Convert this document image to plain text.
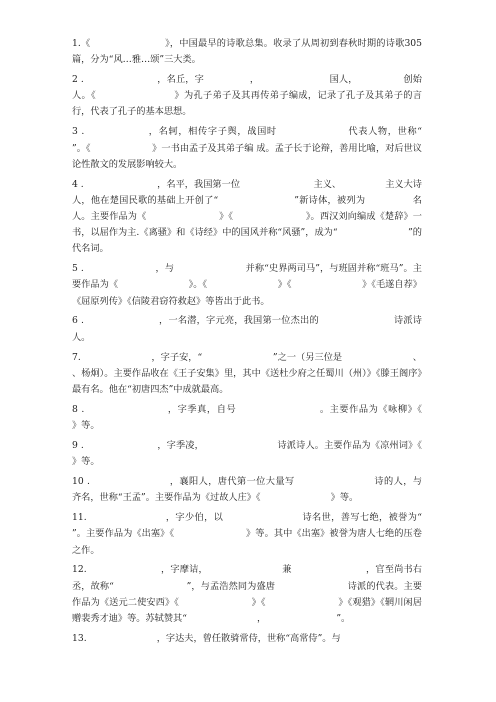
1.《                        》，中国最早的诗歌总集。收录了从周初到春秋时期的诗歌305篇，分为“风…雅…颂”三大类。

2 .                        ，名丘，字               ，                       国人，               创始人。《                        》为孔子弟子及其再传弟子编成，记录了孔子及其弟子的言行，代表了孔子的基本思想。

3 .                  ，名轲，相传字子舆，战国时                    代表人物，世称“                  ”。《                     》一书由孟子及其弟子编 成。孟子长于论辩，善用比喻，对后世议论性散文的发展影响较大。

4 .                         ，名平，我国第一位                         主义、               主义大诗人，他在楚国民歌的基础上开创了“                        ”新诗体，被列为               名人。主要作品为《                        》《                        》。西汉刘向编成《楚辞》一书，以屈作为主.《离骚》和《诗经》中的国风并称“风骚”，成为“                        ”的代名词。

5 .                        ，与                        并称“史界两司马”，与班固并称“班马”。主要作品为《                        》。《                        》《                        》《毛遂自荐》《屈原列传》《信陵君窃符救赵》等皆出于此书。

6 .                        ，一名潜，字元亮，我国第一位杰出的                        诗派诗人。

7.                        ，字子安，“                        ”之一（另三位是                        、               、杨炯）。主要作品收在《王子安集》里，其中《送杜少府之任蜀川（州）》《滕王阁序》最有名。他在“初唐四杰”中成就最高。

8 .                        ，字季真，自号                        。主要作品为《咏柳》《                        》等。

9 .                        ，字季凌，                        诗派诗人。主要作品为《凉州词》《                        》等。

10 .                        ，襄阳人，唐代第一位大量写                        诗的人，与               齐名，世称“王孟”。主要作品为《过故人庄》《                        》等。

11.                        ，字少伯，以                        诗名世，善写七绝，被誉为“                        ”。主要作品为《出塞》《                        》等。其中《出塞》被誉为唐人七绝的压卷之作。

12.                        ，字摩诘，                        兼                        ，官至尚书右丞，故称“                        ”，与孟浩然同为盛唐                        诗派的代表。主要作品为《送元二使安西》《                        》《                        》《观猎》《辋川闲居赠裴秀才迪》等。苏轼赞其“                        ，                        ”。

13.                        ，字达夫，曾任散骑常侍，世称“高常侍”。与
